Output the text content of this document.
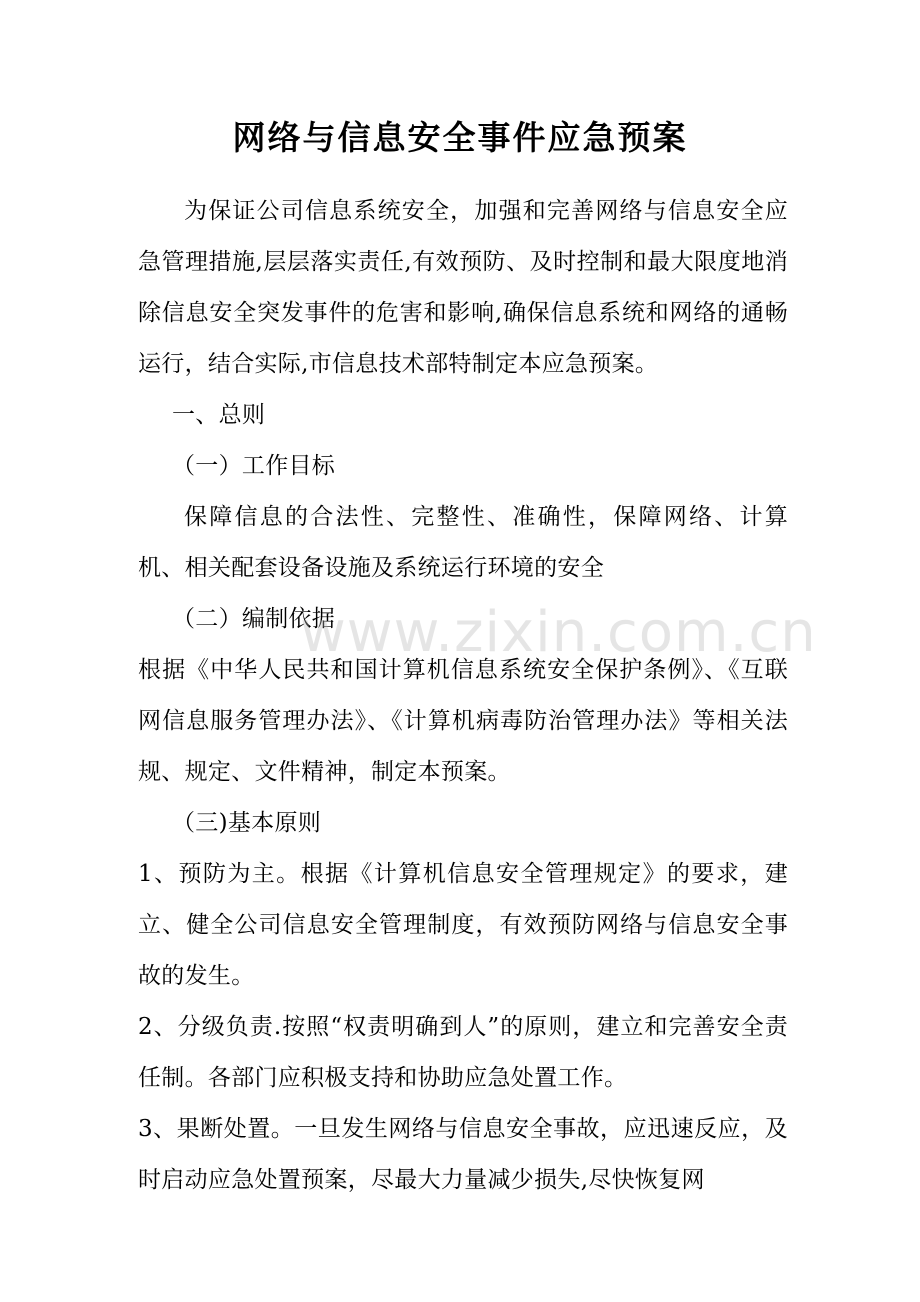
网络与信息安全事件应急预案

为保证公司信息系统安全，加强和完善网络与信息安全应急管理措施,层层落实责任,有效预防、及时控制和最大限度地消除信息安全突发事件的危害和影响,确保信息系统和网络的通畅运行，结合实际,市信息技术部特制定本应急预案。

一、总则

（一）工作目标

保障信息的合法性、完整性、准确性，保障网络、计算机、相关配套设备设施及系统运行环境的安全

（二）编制依据

根据《中华人民共和国计算机信息系统安全保护条例》、《互联网信息服务管理办法》、《计算机病毒防治管理办法》等相关法规、规定、文件精神，制定本预案。

（三)基本原则

1、预防为主。根据《计算机信息安全管理规定》的要求，建立、健全公司信息安全管理制度，有效预防网络与信息安全事故的发生。

2、分级负责.按照“权责明确到人”的原则，建立和完善安全责任制。各部门应积极支持和协助应急处置工作。

3、果断处置。一旦发生网络与信息安全事故，应迅速反应，及时启动应急处置预案，尽最大力量减少损失,尽快恢复网

www.zixin.com.cn
